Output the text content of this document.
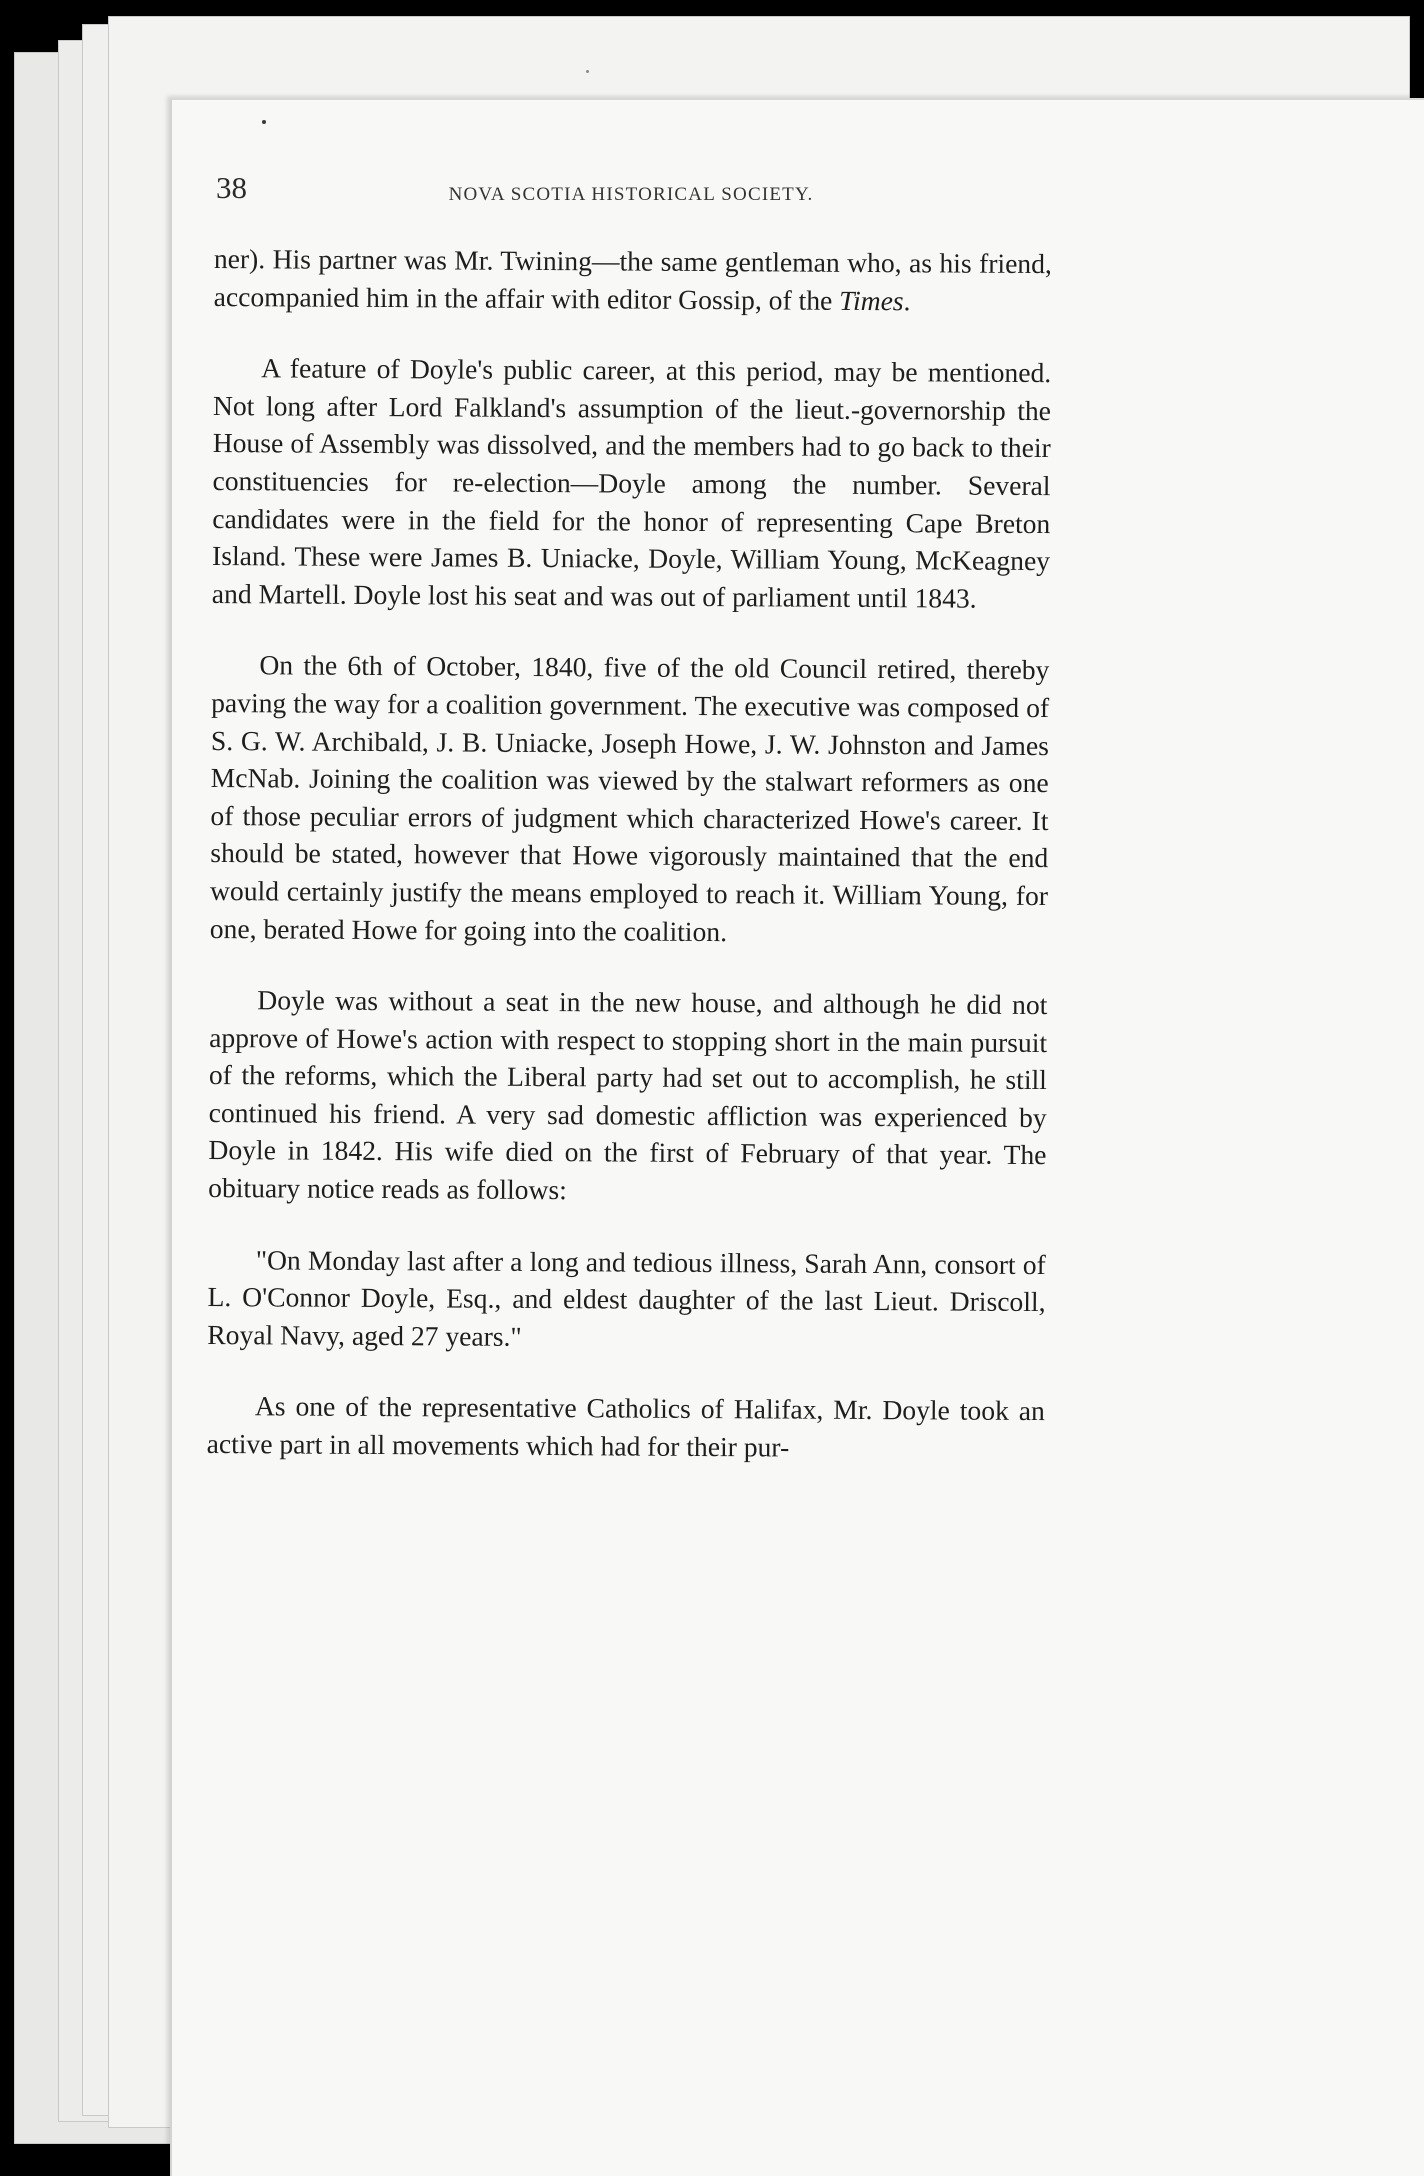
38	NOVA SCOTIA HISTORICAL SOCIETY.

ner). His partner was Mr. Twining—the same gentleman who, as his friend, accompanied him in the affair with editor Gossip, of the Times.

A feature of Doyle's public career, at this period, may be mentioned. Not long after Lord Falkland's assumption of the lieut.-governorship the House of Assembly was dissolved, and the members had to go back to their constituencies for re-election—Doyle among the number. Several candidates were in the field for the honor of representing Cape Breton Island. These were James B. Uniacke, Doyle, William Young, McKeagney and Martell. Doyle lost his seat and was out of parliament until 1843.

On the 6th of October, 1840, five of the old Council retired, thereby paving the way for a coalition government. The executive was composed of S. G. W. Archibald, J. B. Uniacke, Joseph Howe, J. W. Johnston and James McNab. Joining the coalition was viewed by the stalwart reformers as one of those peculiar errors of judgment which characterized Howe's career. It should be stated, however that Howe vigorously maintained that the end would certainly justify the means employed to reach it. William Young, for one, berated Howe for going into the coalition.

Doyle was without a seat in the new house, and although he did not approve of Howe's action with respect to stopping short in the main pursuit of the reforms, which the Liberal party had set out to accomplish, he still continued his friend. A very sad domestic affliction was experienced by Doyle in 1842. His wife died on the first of February of that year. The obituary notice reads as follows:

"On Monday last after a long and tedious illness, Sarah Ann, consort of L. O'Connor Doyle, Esq., and eldest daughter of the last Lieut. Driscoll, Royal Navy, aged 27 years."

As one of the representative Catholics of Halifax, Mr. Doyle took an active part in all movements which had for their pur-
